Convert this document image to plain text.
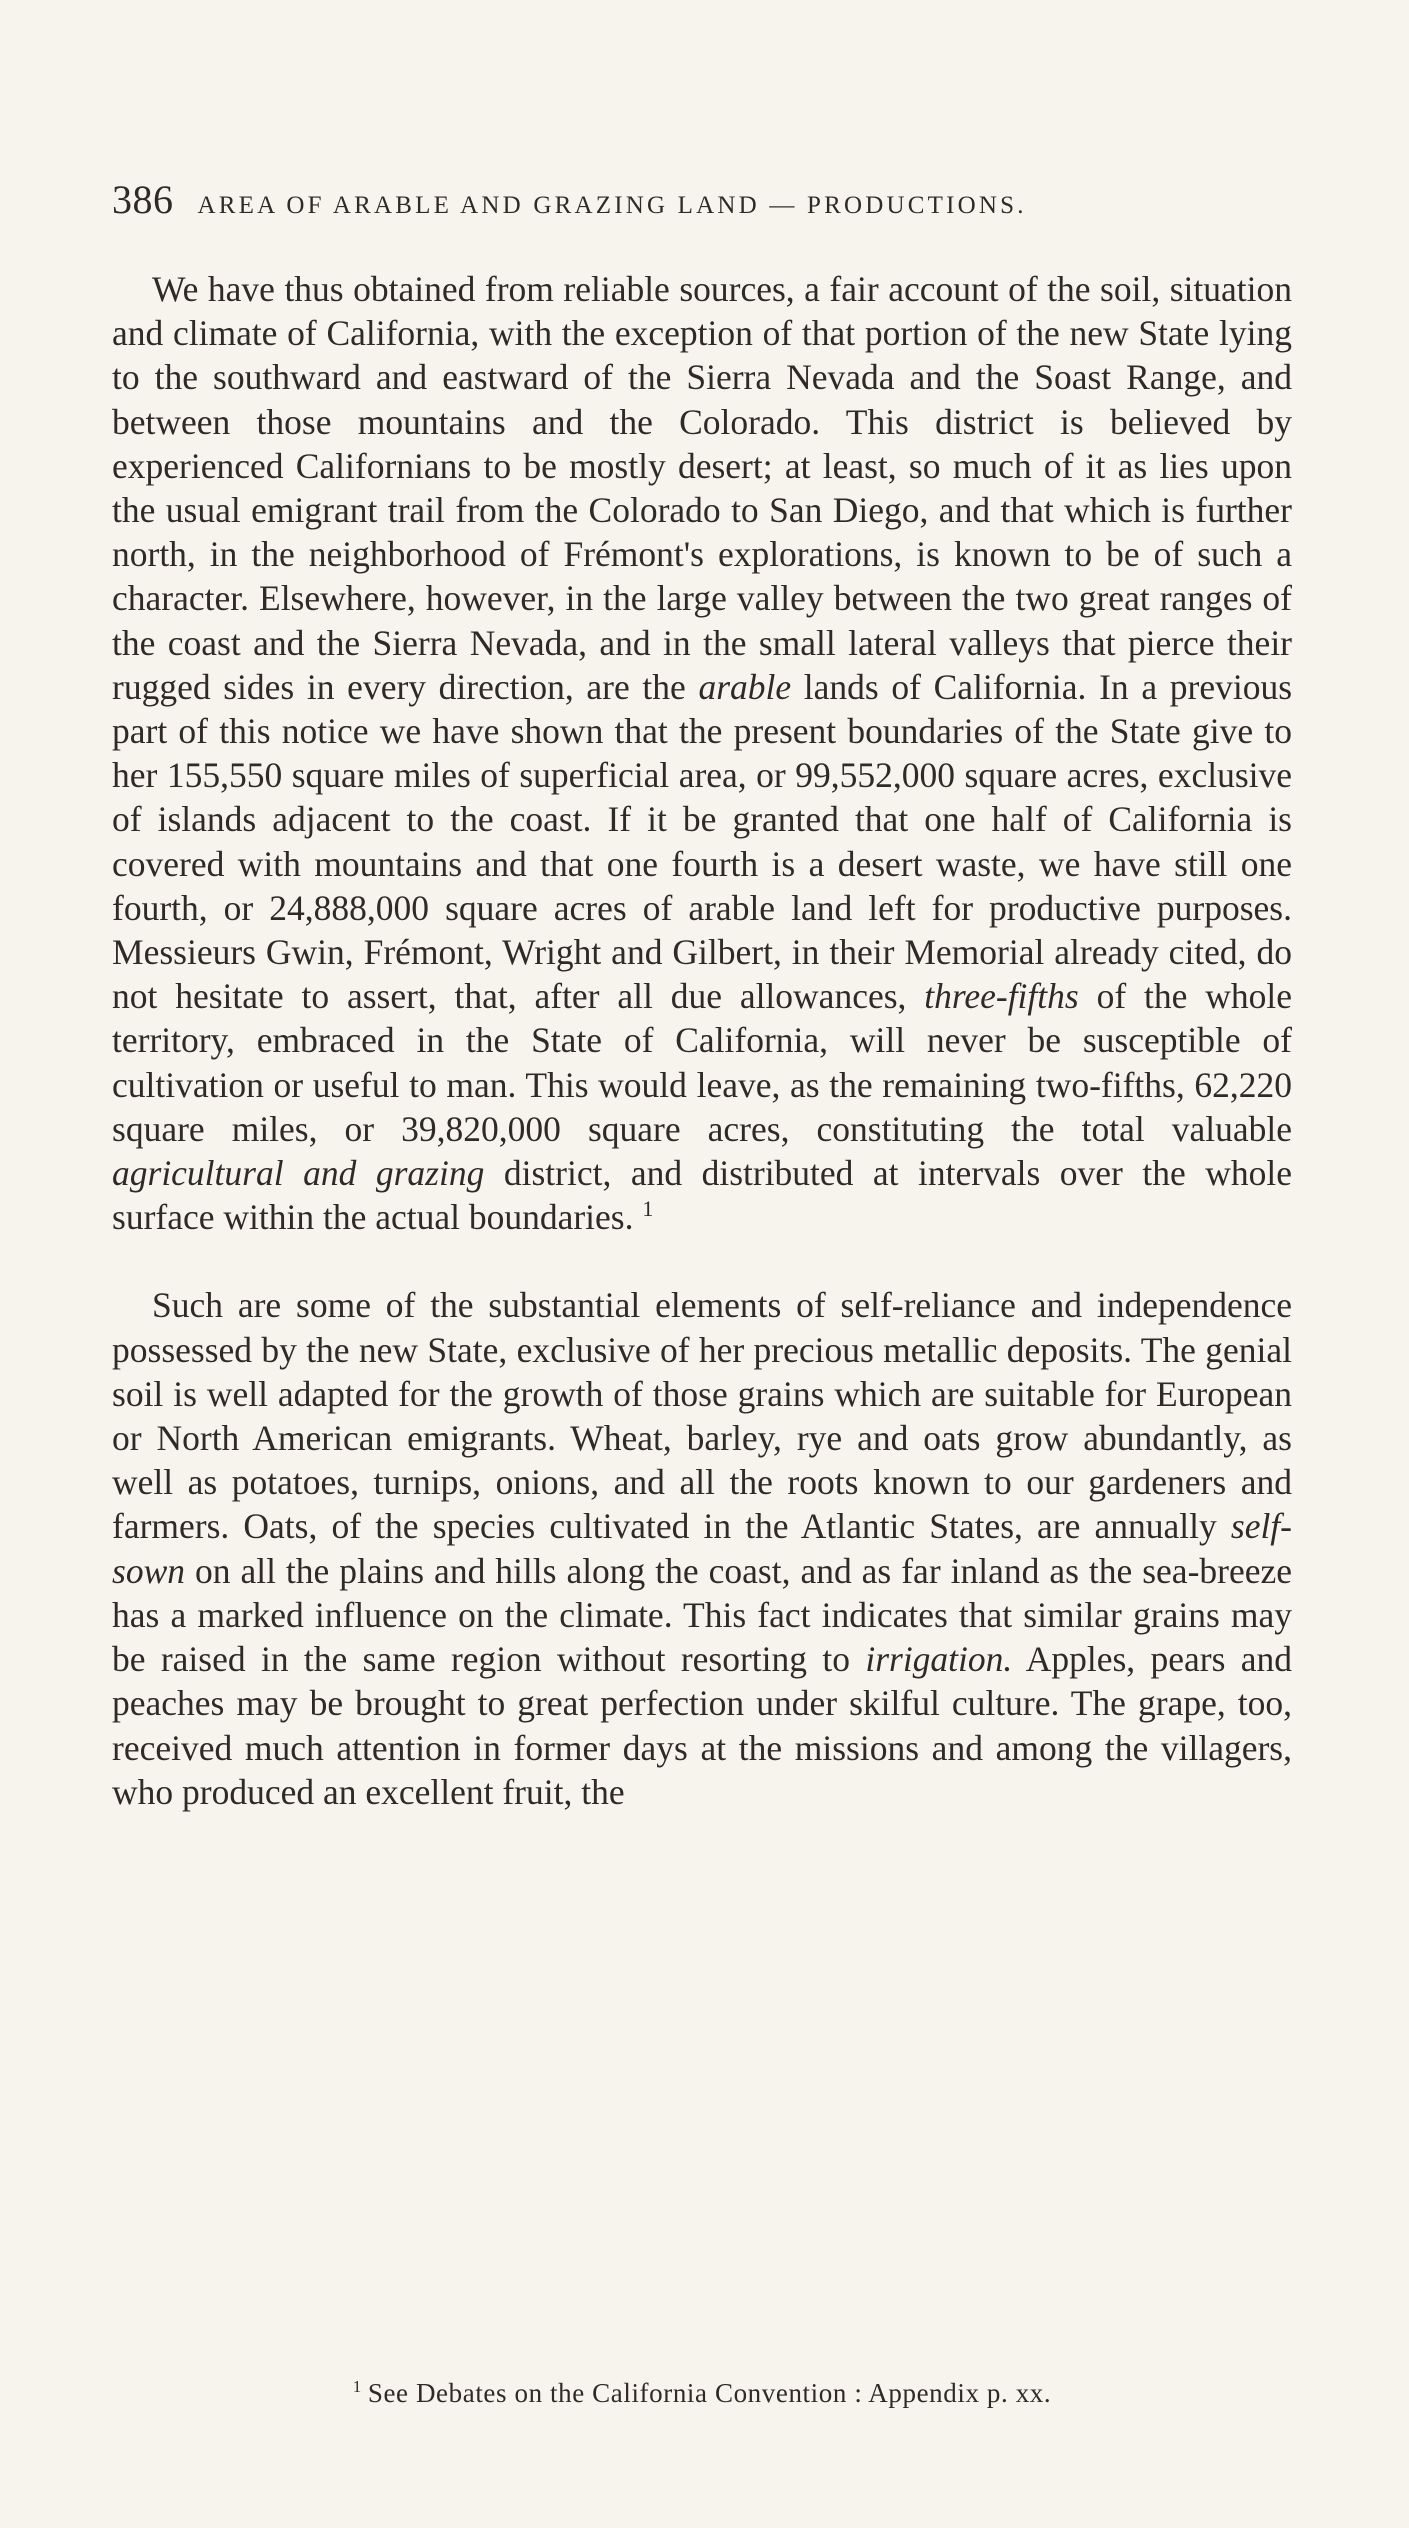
386 AREA OF ARABLE AND GRAZING LAND — PRODUCTIONS.

We have thus obtained from reliable sources, a fair account of the soil, situation and climate of California, with the exception of that portion of the new State lying to the southward and eastward of the Sierra Nevada and the Soast Range, and between those mountains and the Colorado. This district is believed by experienced Californians to be mostly desert; at least, so much of it as lies upon the usual emigrant trail from the Colorado to San Diego, and that which is further north, in the neighborhood of Frémont's explorations, is known to be of such a character. Elsewhere, however, in the large valley between the two great ranges of the coast and the Sierra Nevada, and in the small lateral valleys that pierce their rugged sides in every direction, are the arable lands of California. In a previous part of this notice we have shown that the present boundaries of the State give to her 155,550 square miles of superficial area, or 99,552,000 square acres, exclusive of islands adjacent to the coast. If it be granted that one half of California is covered with mountains and that one fourth is a desert waste, we have still one fourth, or 24,888,000 square acres of arable land left for productive purposes. Messieurs Gwin, Frémont, Wright and Gilbert, in their Memorial already cited, do not hesitate to assert, that, after all due allowances, three-fifths of the whole territory, embraced in the State of California, will never be susceptible of cultivation or useful to man. This would leave, as the remaining two-fifths, 62,220 square miles, or 39,820,000 square acres, constituting the total valuable agricultural and grazing district, and distributed at intervals over the whole surface within the actual boundaries. $^1$

Such are some of the substantial elements of self-reliance and independence possessed by the new State, exclusive of her precious metallic deposits. The genial soil is well adapted for the growth of those grains which are suitable for European or North American emigrants. Wheat, barley, rye and oats grow abundantly, as well as potatoes, turnips, onions, and all the roots known to our gardeners and farmers. Oats, of the species cultivated in the Atlantic States, are annually self-sown on all the plains and hills along the coast, and as far inland as the sea-breeze has a marked influence on the climate. This fact indicates that similar grains may be raised in the same region without resorting to irrigation. Apples, pears and peaches may be brought to great perfection under skilful culture. The grape, too, received much attention in former days at the missions and among the villagers, who produced an excellent fruit, the

$^1$ See Debates on the California Convention : Appendix p. xx.
